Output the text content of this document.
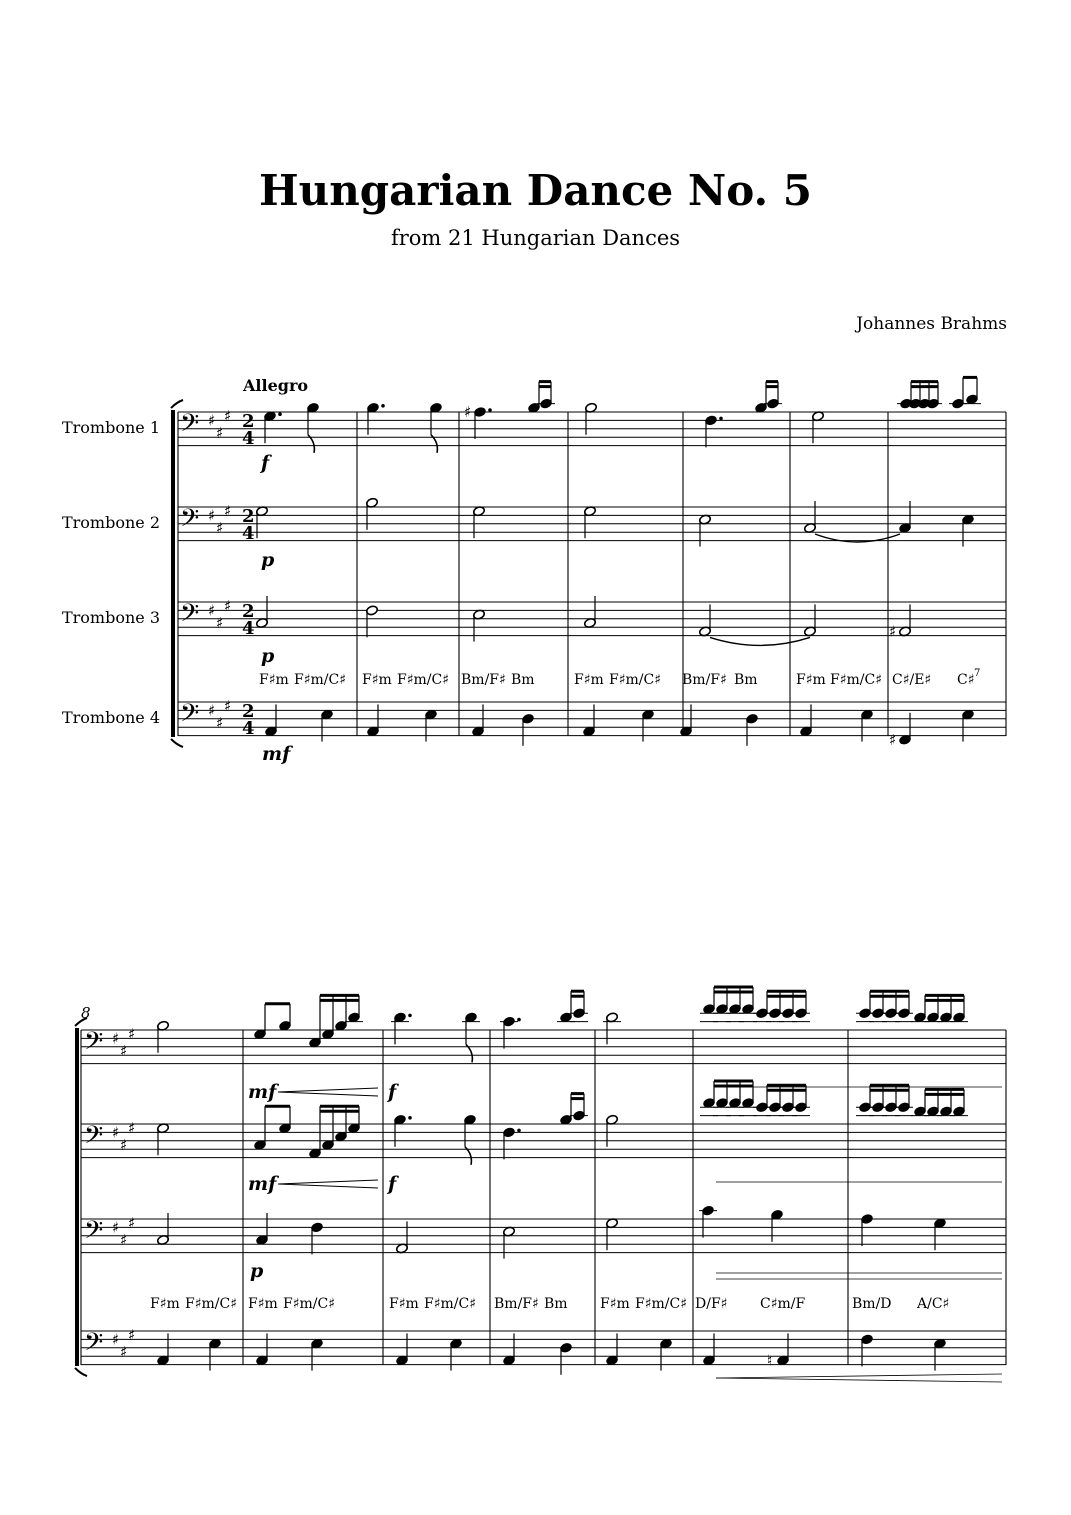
Hungarian Dance No. 5
from 21 Hungarian Dances
Johannes Brahms
Trombone 1
Trombone 2
Trombone 3
Trombone 4
𝄢 ♯
♯
♯ 2
4
𝄢 ♯
♯
♯ 2
4
𝄢 ♯
♯
♯ 2
4
𝄢 ♯
♯
♯ 2
4
Allegro
♯
f
p
♯
p
F♯m F♯m/C♯ F♯m F♯m/C♯ Bm/F♯ Bm	F♯m F♯m/C♯ Bm/F♯ Bm	F♯m F♯m/C♯ C♯/E♯ C♯ 7
♯
mf
8
𝄢 ♯
♯
♯
𝄢 ♯
♯
♯
𝄢 ♯
♯
♯
𝄢 ♯
♯
♯
mf	f
mf	f
p
F♯m F♯m/C♯ F♯m F♯m/C♯	F♯m F♯m/C♯ Bm/F♯ Bm F♯m F♯m/C♯ D/F♯ C♯m/F	Bm/D A/C♯
♮
